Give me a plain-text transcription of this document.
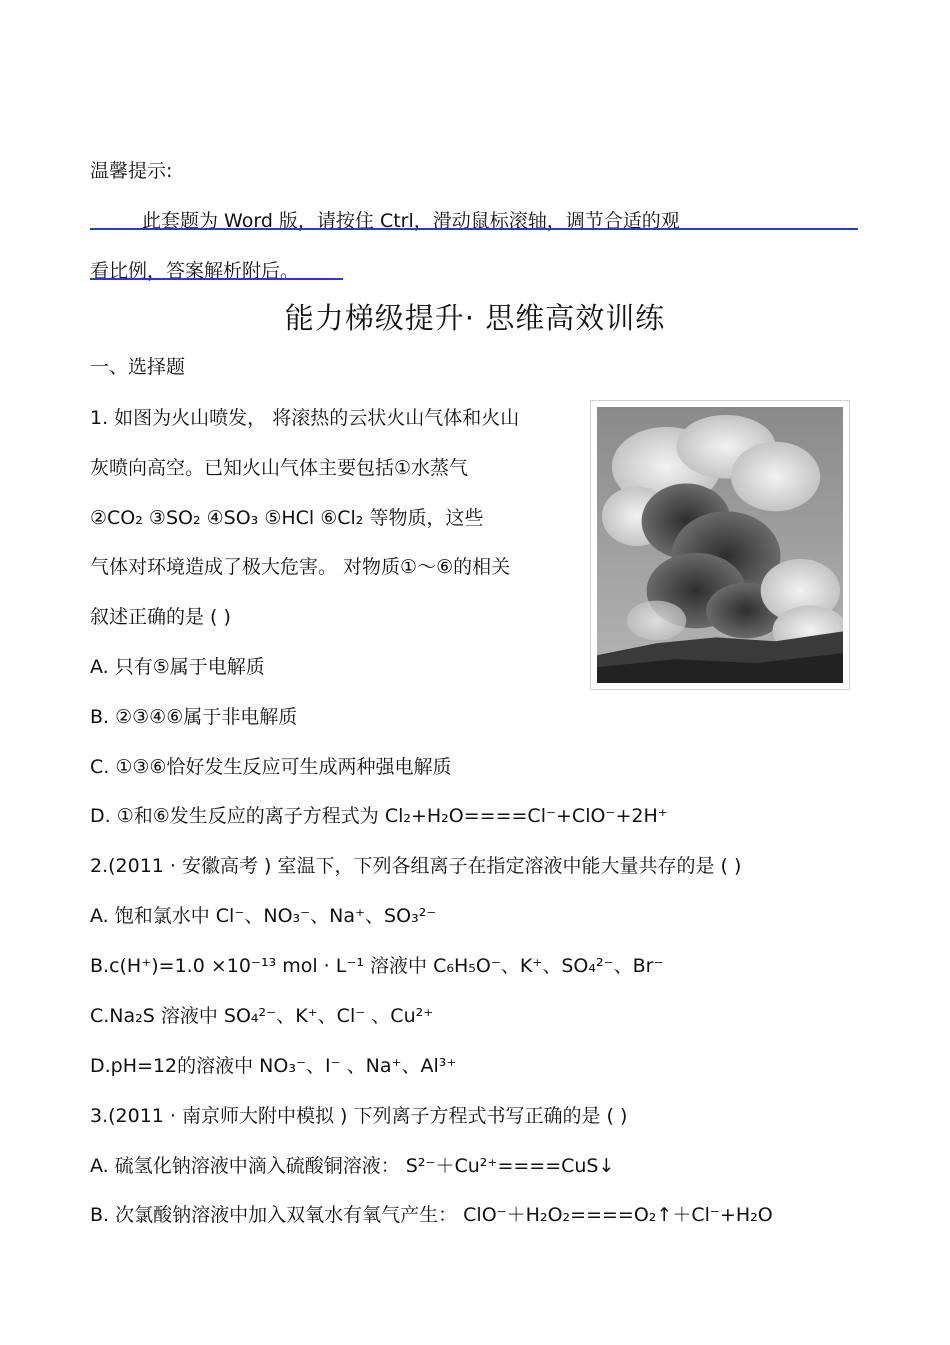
温馨提示:
此套题为 Word 版，请按住 Ctrl，滑动鼠标滚轴，调节合适的观
看比例，答案解析附后。
能力梯级提升· 思维高效训练
一、选择题
1. 如图为火山喷发， 将滚热的云状火山气体和火山
灰喷向高空。已知火山气体主要包括①水蒸气
②CO₂ ③SO₂ ④SO₃ ⑤HCl ⑥Cl₂ 等物质，这些
气体对环境造成了极大危害。 对物质①～⑥的相关
叙述正确的是 ( )
A. 只有⑤属于电解质
B. ②③④⑥属于非电解质
C. ①③⑥恰好发生反应可生成两种强电解质
D. ①和⑥发生反应的离子方程式为 Cl₂+H₂O====Cl⁻+ClO⁻+2H⁺
2.(2011 · 安徽高考 ) 室温下，下列各组离子在指定溶液中能大量共存的是 ( )
A. 饱和氯水中 Cl⁻、NO₃⁻、Na⁺、SO₃²⁻
B.c(H⁺)=1.0 ×10⁻¹³ mol · L⁻¹ 溶液中 C₆H₅O⁻、K⁺、SO₄²⁻、Br⁻
C.Na₂S 溶液中 SO₄²⁻、K⁺、Cl⁻ 、Cu²⁺
D.pH=12的溶液中 NO₃⁻、I⁻ 、Na⁺、Al³⁺
3.(2011 · 南京师大附中模拟 ) 下列离子方程式书写正确的是 ( )
A. 硫氢化钠溶液中滴入硫酸铜溶液： S²⁻＋Cu²⁺====CuS↓
B. 次氯酸钠溶液中加入双氧水有氧气产生： ClO⁻＋H₂O₂====O₂↑＋Cl⁻+H₂O
